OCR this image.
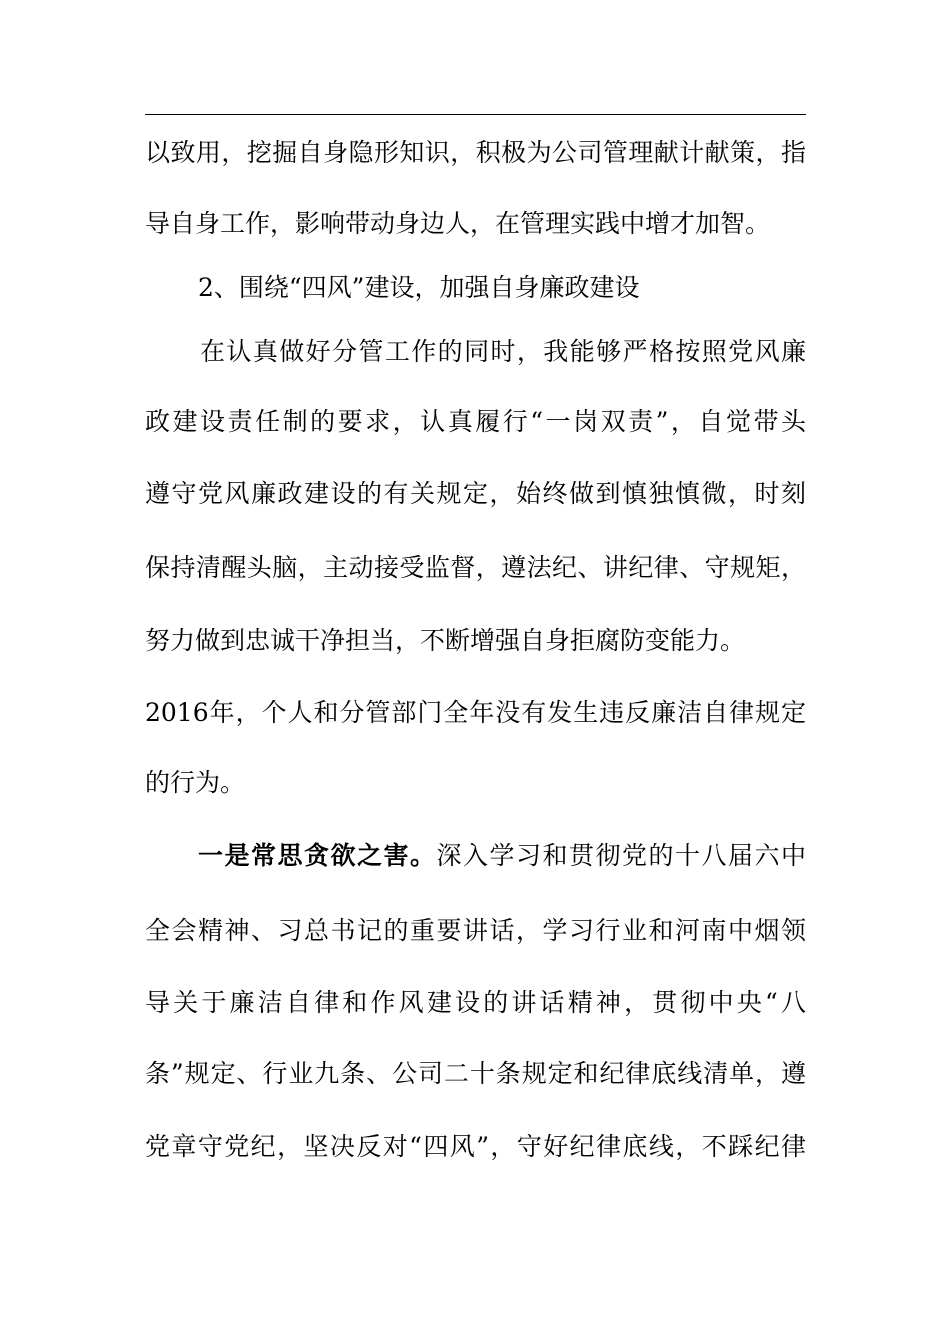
以致用，挖掘自身隐形知识，积极为公司管理献计献策，指
导自身工作，影响带动身边人，在管理实践中增才加智。
2、围绕“四风”建设，加强自身廉政建设
在认真做好分管工作的同时，我能够严格按照党风廉
政建设责任制的要求，认真履行“一岗双责”，自觉带头
遵守党风廉政建设的有关规定，始终做到慎独慎微，时刻
保持清醒头脑，主动接受监督，遵法纪、讲纪律、守规矩，
努力做到忠诚干净担当，不断增强自身拒腐防变能力。
2016年，个人和分管部门全年没有发生违反廉洁自律规定
的行为。
一是常思贪欲之害。深入学习和贯彻党的十八届六中
全会精神、习总书记的重要讲话，学习行业和河南中烟领
导关于廉洁自律和作风建设的讲话精神，贯彻中央“八
条”规定、行业九条、公司二十条规定和纪律底线清单，遵
党章守党纪，坚决反对“四风”，守好纪律底线，不踩纪律
